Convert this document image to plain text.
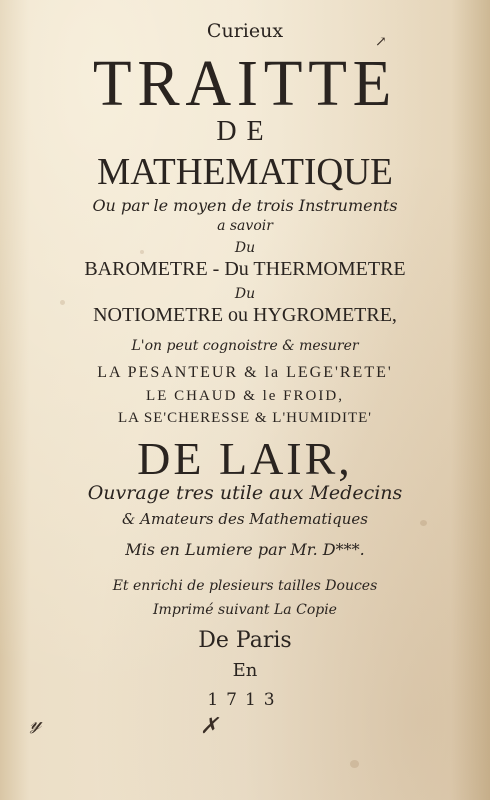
↗
Curieux
TRAITTE
DE
MATHEMATIQUE
Ou par le moyen de trois Instruments
a savoir
Du
BAROMETRE - Du THERMOMETRE
Du
NOTIOMETRE ou HYGROMETRE,
L'on peut cognoistre & mesurer
LA PESANTEUR & la LEGE'RETE'
LE CHAUD & le FROID,
LA SE'CHERESSE & L'HUMIDITE'
DE LAIR,
Ouvrage tres utile aux Medecins
& Amateurs des Mathematiques
Mis en Lumiere par Mr. D***.
Et enrichi de plesieurs tailles Douces
Imprimé suivant La Copie
De Paris
En
1713
𝓎	✗
